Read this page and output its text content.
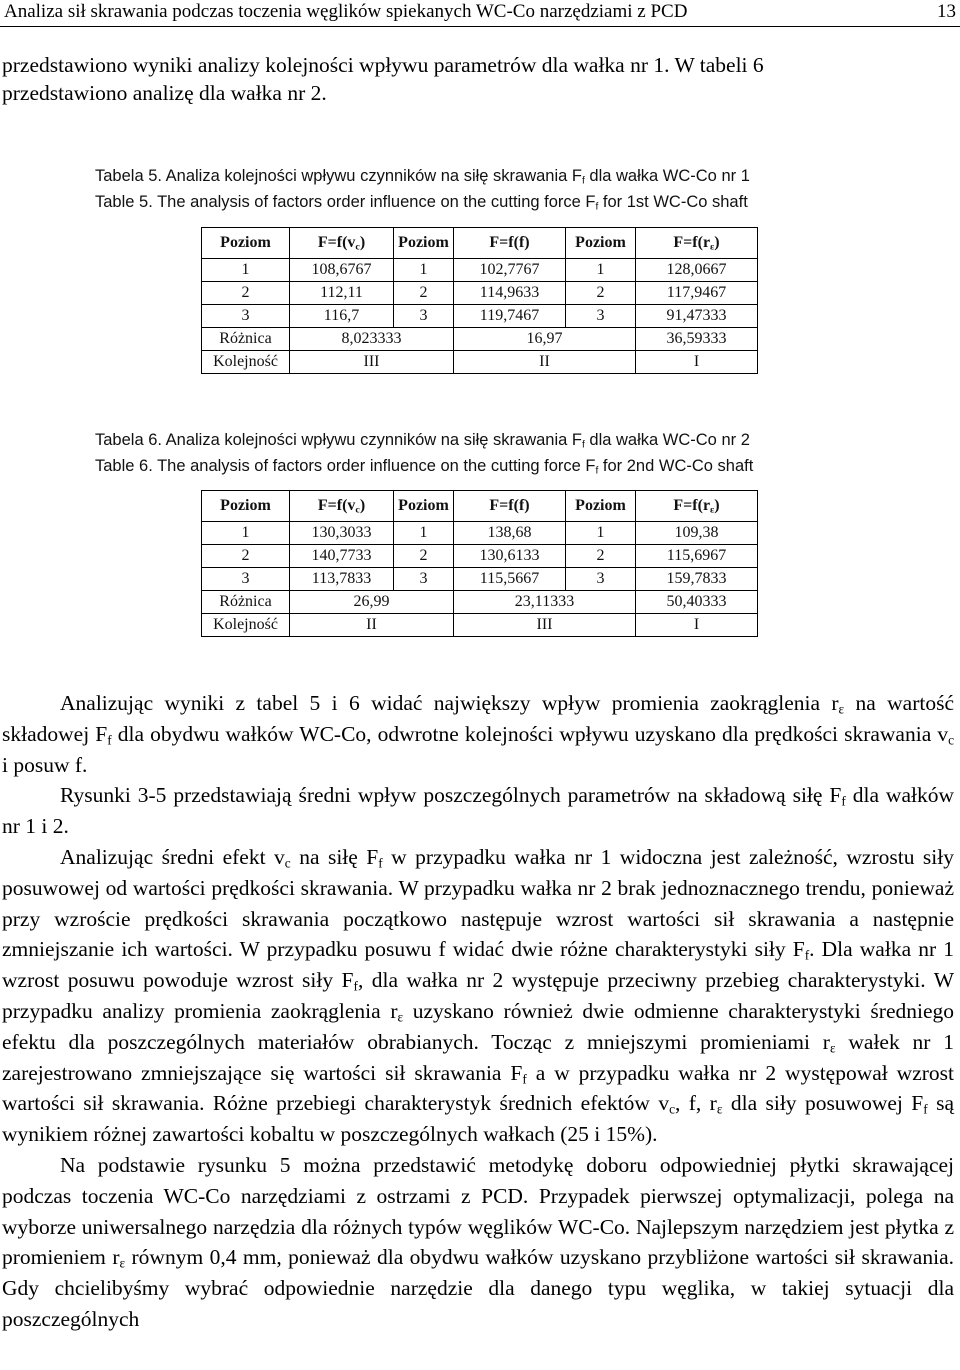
Analiza sił skrawania podczas toczenia węglików spiekanych WC-Co narzędziami z PCD	13
przedstawiono wyniki analizy kolejności wpływu parametrów dla wałka nr 1. W tabeli 6
przedstawiono analizę dla wałka nr 2.
Tabela 5. Analiza kolejności wpływu czynników na siłę skrawania $F_f$ dla wałka WC-Co nr 1
Table 5. The analysis of factors order influence on the cutting force $F_f$ for 1st WC-Co shaft
Poziom	$F=f(v_c)$	Poziom	F=f(f)	Poziom	$F=f(r_\varepsilon)$
1	108,6767	1	102,7767	1	128,0667
2	112,11	2	114,9633	2	117,9467
3	116,7	3	119,7467	3	91,47333
Różnica	8,023333		16,97		36,59333
Kolejność	III		II		I
Tabela 6. Analiza kolejności wpływu czynników na siłę skrawania $F_f$ dla wałka WC-Co nr 2
Table 6. The analysis of factors order influence on the cutting force $F_f$ for 2nd WC-Co shaft
Poziom	$F=f(v_c)$	Poziom	F=f(f)	Poziom	$F=f(r_\varepsilon)$
1	130,3033	1	138,68	1	109,38
2	140,7733	2	130,6133	2	115,6967
3	113,7833	3	115,5667	3	159,7833
Różnica	26,99		23,11333		50,40333
Kolejność	II		III		I

Analizując wyniki z tabel 5 i 6 widać największy wpływ promienia zaokrąglenia $r_\varepsilon$ na wartość składowej $F_f$ dla obydwu wałków WC-Co, odwrotne kolejności wpływu uzyskano dla prędkości skrawania $v_c$ i posuw f.

Rysunki 3-5 przedstawiają średni wpływ poszczególnych parametrów na składową siłę $F_f$ dla wałków nr 1 i 2.

Analizując średni efekt $v_c$ na siłę $F_f$ w przypadku wałka nr 1 widoczna jest zależność, wzrostu siły posuwowej od wartości prędkości skrawania. W przypadku wałka nr 2 brak jednoznacznego trendu, ponieważ przy wzroście prędkości skrawania początkowo następuje wzrost wartości sił skrawania a następnie zmniejszanie ich wartości. W przypadku posuwu f widać dwie różne charakterystyki siły $F_f$. Dla wałka nr 1 wzrost posuwu powoduje wzrost siły $F_f$, dla wałka nr 2 występuje przeciwny przebieg charakterystyki. W przypadku analizy promienia zaokrąglenia $r_\varepsilon$ uzyskano również dwie odmienne charakterystyki średniego efektu dla poszczególnych materiałów obrabianych. Tocząc z mniejszymi promieniami $r_\varepsilon$ wałek nr 1 zarejestrowano zmniejszające się wartości sił skrawania $F_f$ a w przypadku wałka nr 2 występował wzrost wartości sił skrawania. Różne przebiegi charakterystyk średnich efektów $v_c$, f, $r_\varepsilon$ dla siły posuwowej $F_f$ są wynikiem różnej zawartości kobaltu w poszczególnych wałkach (25 i 15%).

Na podstawie rysunku 5 można przedstawić metodykę doboru odpowiedniej płytki skrawającej podczas toczenia WC-Co narzędziami z ostrzami z PCD. Przypadek pierwszej optymalizacji, polega na wyborze uniwersalnego narzędzia dla różnych typów węglików WC-Co. Najlepszym narzędziem jest płytka z promieniem $r_\varepsilon$ równym 0,4 mm, ponieważ dla obydwu wałków uzyskano przybliżone wartości sił skrawania. Gdy chcielibyśmy wybrać odpowiednie narzędzie dla danego typu węglika, w takiej sytuacji dla poszczególnych
